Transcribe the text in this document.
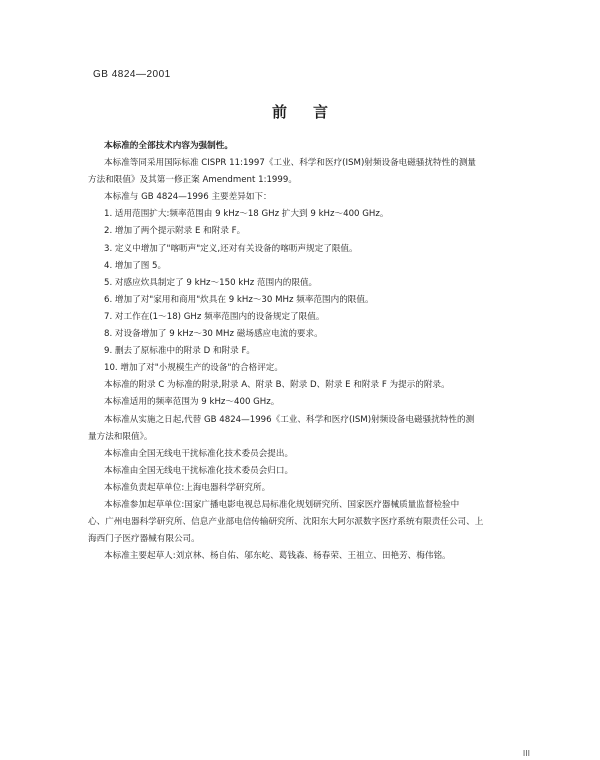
GB 4824—2001
前言
本标准的全部技术内容为强制性。
本标准等同采用国际标准 CISPR 11:1997《工业、科学和医疗(ISM)射频设备电磁骚扰特性的测量
方法和限值》及其第一修正案 Amendment 1:1999。
本标准与 GB 4824—1996 主要差异如下：
1. 适用范围扩大:频率范围由 9 kHz～18 GHz 扩大到 9 kHz～400 GHz。
2. 增加了两个提示附录 E 和附录 F。
3. 定义中增加了"喀呖声"定义,还对有关设备的喀呖声规定了限值。
4. 增加了图 5。
5. 对感应炊具制定了 9 kHz～150 kHz 范围内的限值。
6. 增加了对"家用和商用"炊具在 9 kHz～30 MHz 频率范围内的限值。
7. 对工作在(1～18) GHz 频率范围内的设备规定了限值。
8. 对设备增加了 9 kHz～30 MHz 磁场感应电流的要求。
9. 删去了原标准中的附录 D 和附录 F。
10. 增加了对"小规模生产的设备"的合格评定。
本标准的附录 C 为标准的附录,附录 A、附录 B、附录 D、附录 E 和附录 F 为提示的附录。
本标准适用的频率范围为 9 kHz～400 GHz。
本标准从实施之日起,代替 GB 4824—1996《工业、科学和医疗(ISM)射频设备电磁骚扰特性的测
量方法和限值》。
本标准由全国无线电干扰标准化技术委员会提出。
本标准由全国无线电干扰标准化技术委员会归口。
本标准负责起草单位:上海电器科学研究所。
本标准参加起草单位:国家广播电影电视总局标准化规划研究所、国家医疗器械质量监督检验中
心、广州电器科学研究所、信息产业部电信传输研究所、沈阳东大阿尔派数字医疗系统有限责任公司、上
海西门子医疗器械有限公司。
本标准主要起草人:刘京林、杨自佑、邬东屹、葛钱森、杨春荣、王祖立、田艳芳、梅伟铭。
III
